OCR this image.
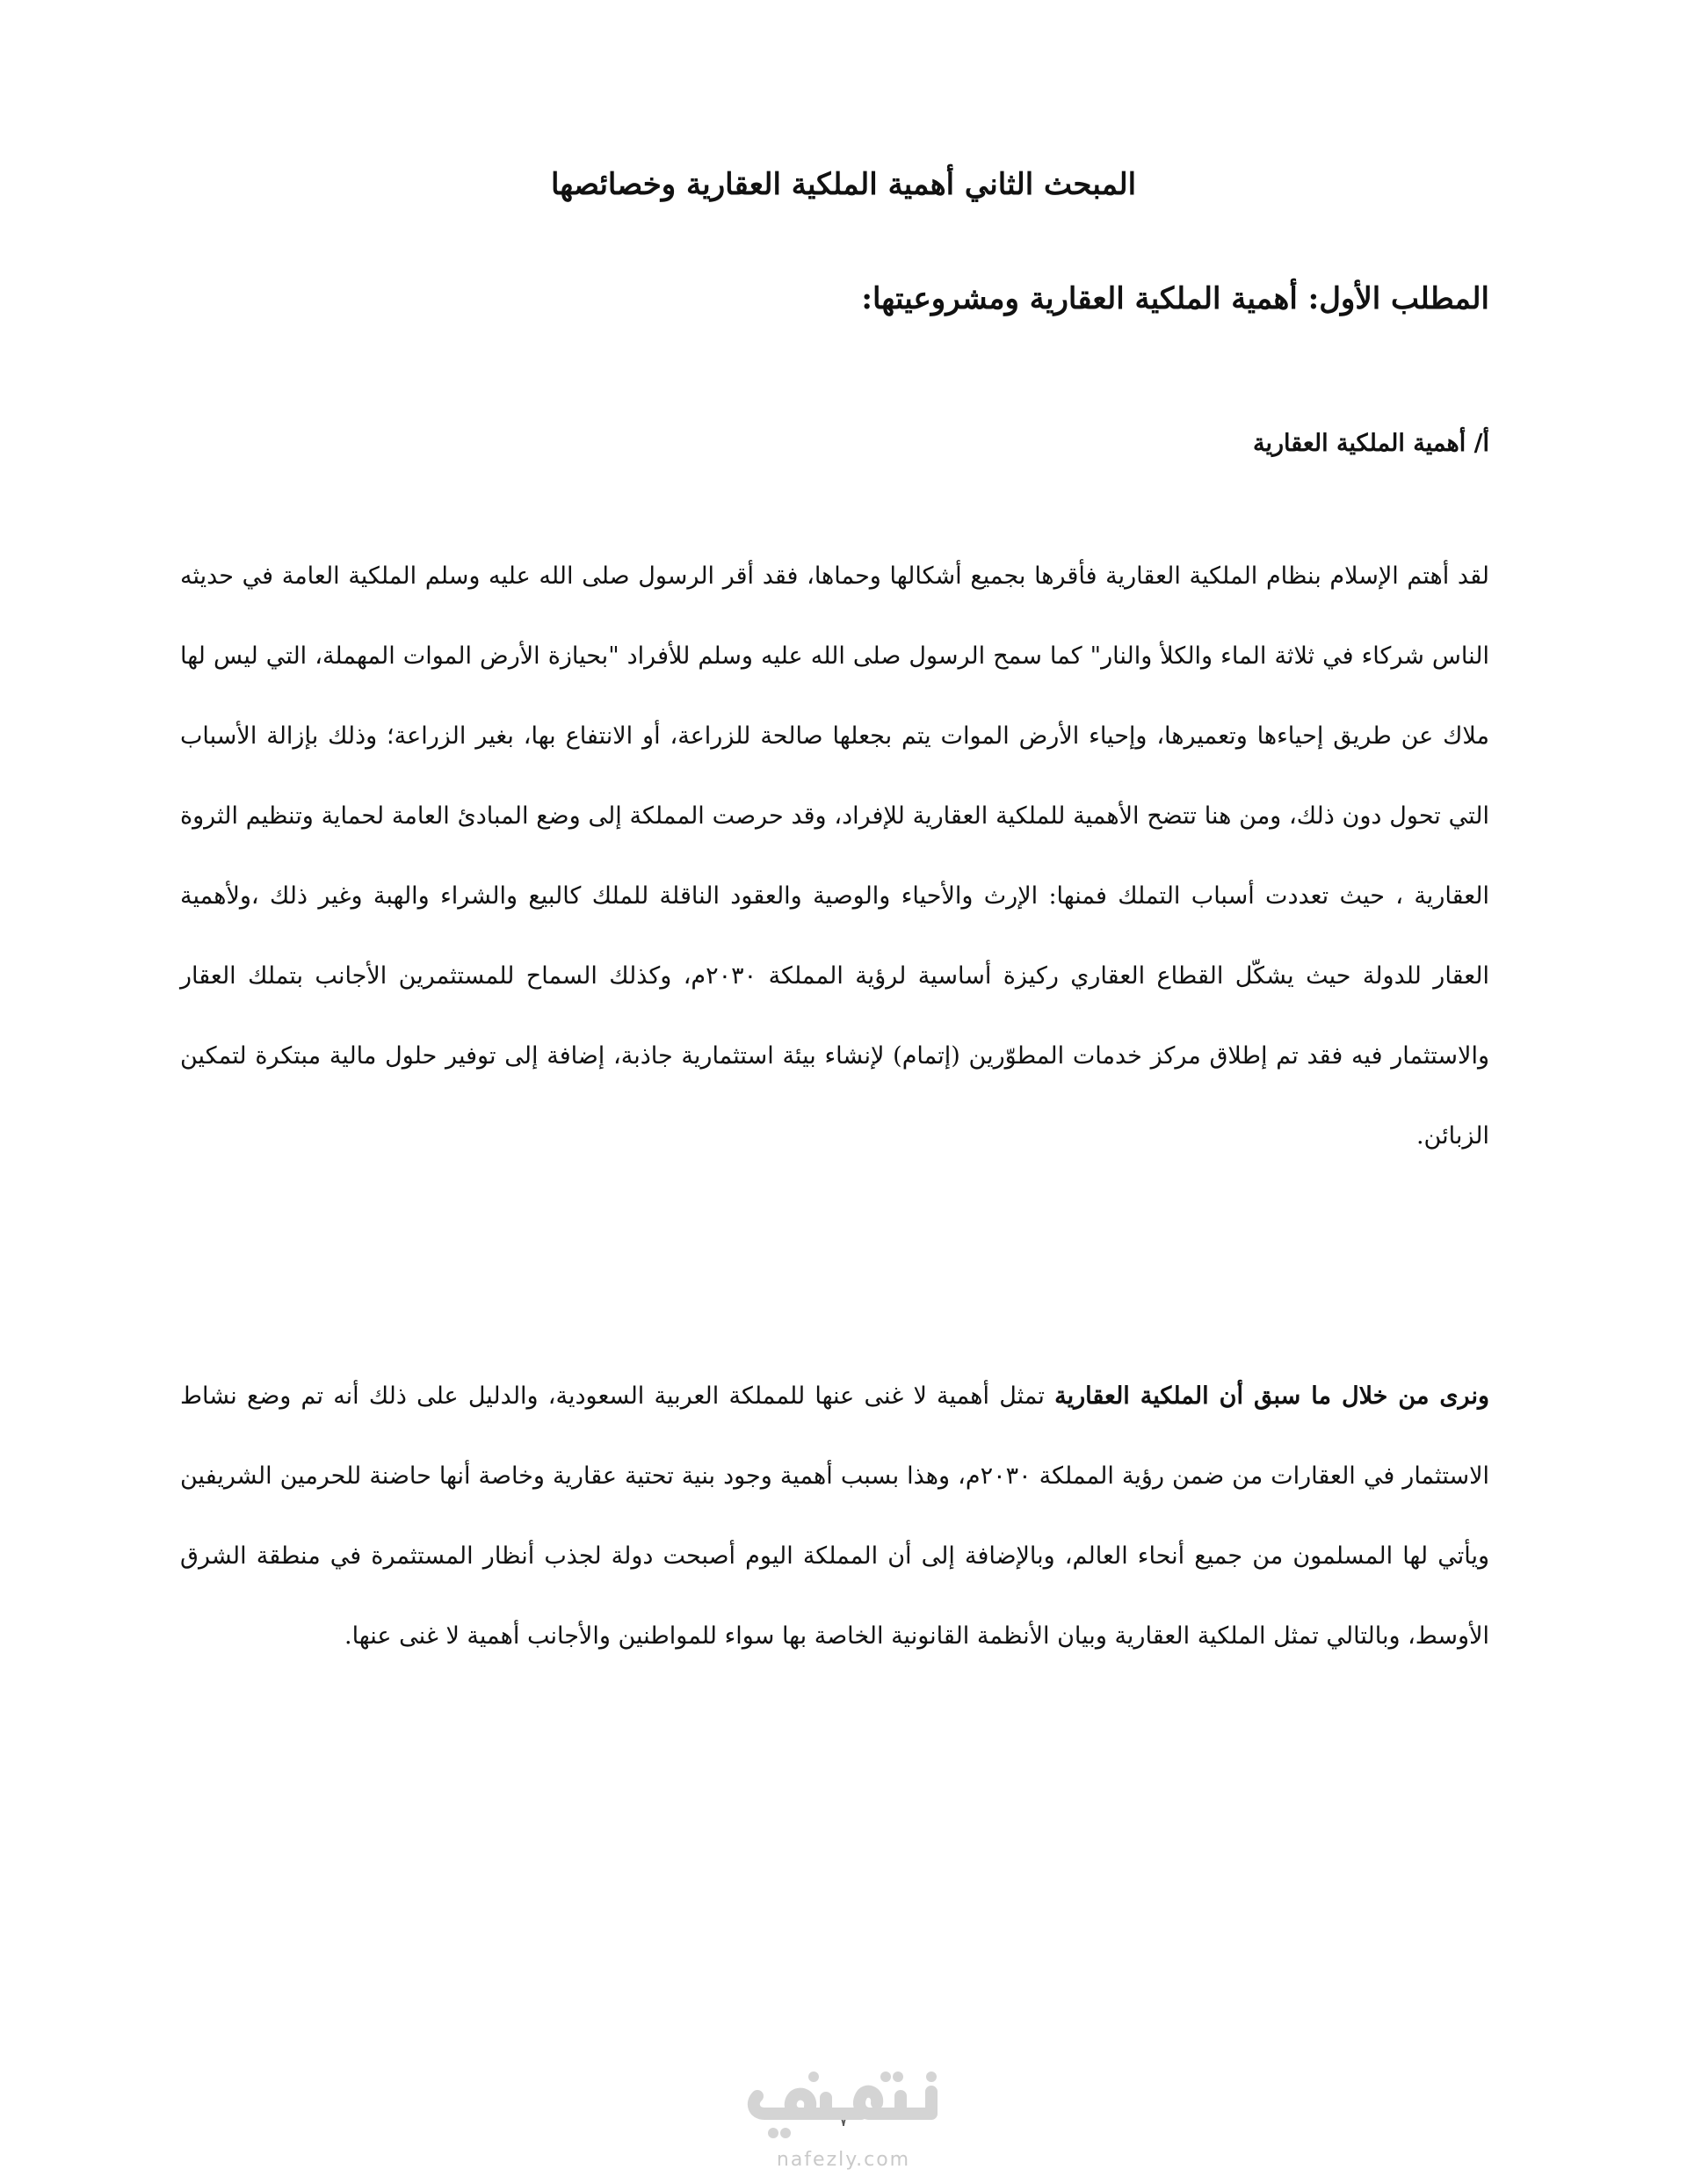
المبحث الثاني أهمية الملكية العقارية وخصائصها
المطلب الأول: أهمية الملكية العقارية ومشروعيتها:
أ/ أهمية الملكية العقارية

لقد أهتم الإسلام بنظام الملكية العقارية فأقرها بجميع أشكالها وحماها، فقد أقر الرسول صلى الله عليه وسلم الملكية العامة في حديثه الناس شركاء في ثلاثة الماء والكلأ والنار" كما سمح الرسول صلى الله عليه وسلم للأفراد "بحيازة الأرض الموات المهملة، التي ليس لها ملاك عن طريق إحياءها وتعميرها، وإحياء الأرض الموات يتم بجعلها صالحة للزراعة، أو الانتفاع بها، بغير الزراعة؛ وذلك بإزالة الأسباب التي تحول دون ذلك، ومن هنا تتضح الأهمية للملكية العقارية للإفراد، وقد حرصت المملكة إلى وضع المبادئ العامة لحماية وتنظيم الثروة العقارية ، حيث تعددت أسباب التملك فمنها: الإرث والأحياء والوصية والعقود الناقلة للملك كالبيع والشراء والهبة وغير ذلك ،ولأهمية العقار للدولة حيث يشكّل القطاع العقاري ركيزة أساسية لرؤية المملكة ٢٠٣٠م، وكذلك السماح للمستثمرين الأجانب بتملك العقار والاستثمار فيه فقد تم إطلاق مركز خدمات المطوّرين (إتمام) لإنشاء بيئة استثمارية جاذبة، إضافة إلى توفير حلول مالية مبتكرة لتمكين الزبائن.

ونرى من خلال ما سبق أن الملكية العقارية تمثل أهمية لا غنى عنها للمملكة العربية السعودية، والدليل على ذلك أنه تم وضع نشاط الاستثمار في العقارات من ضمن رؤية المملكة ٢٠٣٠م، وهذا بسبب أهمية وجود بنية تحتية عقارية وخاصة أنها حاضنة للحرمين الشريفين ويأتي لها المسلمون من جميع أنحاء العالم، وبالإضافة إلى أن المملكة اليوم أصبحت دولة لجذب أنظار المستثمرة في منطقة الشرق الأوسط، وبالتالي تمثل الملكية العقارية وبيان الأنظمة القانونية الخاصة بها سواء للمواطنين والأجانب أهمية لا غنى عنها.

٧
nafezly.com
